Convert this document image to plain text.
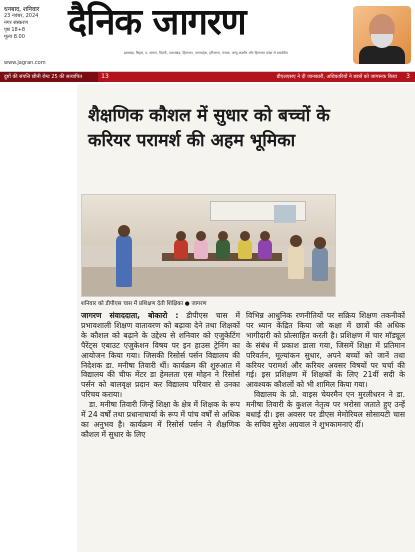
धनबाद, शनिवार
23 नवंबर, 2024
नगर संस्करण
पृष्ठ 18+8
मूल्य 8.00	दैनिक जागरण
झारखंड, बिहार, प. बंगाल, दिल्ली, उत्तराखंड, हिमाचल, उत्तरप्रदेश, हरियाणा, पंजाब, जम्मू-कश्मीर और हिमाचल प्रदेश से प्रकाशित
www.jagran.com
दुष्टों की संपत्ति छीनी रोम्ट 25 की सत्यापित	13	डीएलएसए ने दी जानकारी, अधिकारियों ने छात्रों को जागरूक किया	3
शैक्षणिक कौशल में सुधार को बच्चों के करियर परामर्श की अहम भूमिका
शनिवार को डीपीएस चास में प्रशिक्षण देती शिक्षिका ● जागरण

जागरण संवाददाता, बोकारो : डीपीएस चास में प्रभावशाली शिक्षण वातावरण को बढ़ावा देने तथा शिक्षकों के कौशल को बढ़ाने के उद्देश्य से शनिवार को एजुकेटिंग पैरेंट्स एबाउट एजुकेशन विषय पर इन हाउस ट्रेनिंग का आयोजन किया गया। जिसकी रिसोर्स पर्सन विद्यालय की निदेशक डा. मनीषा तिवारी थीं। कार्यक्रम की शुरुआत में विद्यालय की चीफ मेंटर डा हेमलता एस मोहन ने रिसोर्स पर्सन को बालवृक्ष प्रदान कर विद्यालय परिवार से उनका परिचय कराया।

डा. मनीषा तिवारी जिन्हें शिक्षा के क्षेत्र में शिक्षक के रूप में 24 वर्षों तथा प्रधानाचार्या के रूप में पांच वर्षों से अधिक का अनुभव है। कार्यक्रम में रिसोर्स पर्सन ने शैक्षणिक कौशल में सुधार के लिए

विभिन्न आधुनिक रणनीतियों पर सक्रिय शिक्षण तकनीकों पर ध्यान केंद्रित किया जो कक्षा में छात्रों की अधिक भागीदारी को प्रोत्साहित करती है। प्रशिक्षण में चार मॉड्यूल के संबंध में प्रकाश डाला गया, जिसमें शिक्षा में प्रतिमान परिवर्तन, मूल्यांकन सुधार, अपने बच्चों को जानें तथा करियर परामर्श और करियर अवसर विषयों पर चर्चा की गई। इस प्रशिक्षण में शिक्षकों के लिए 21वीं सदी के आवश्यक कौशलों को भी शामिल किया गया।

विद्यालय के प्रो. वाइस चेयरमैन एन मुरलीधरन ने डा. मनीषा तिवारी के कुशल नेतृत्व पर भरोसा जताते हुए उन्हें बधाई दी। इस अवसर पर डीएस मेमोरियल सोसायटी चास के सचिव सुरेश अग्रवाल ने शुभकामनाएं दीं।
